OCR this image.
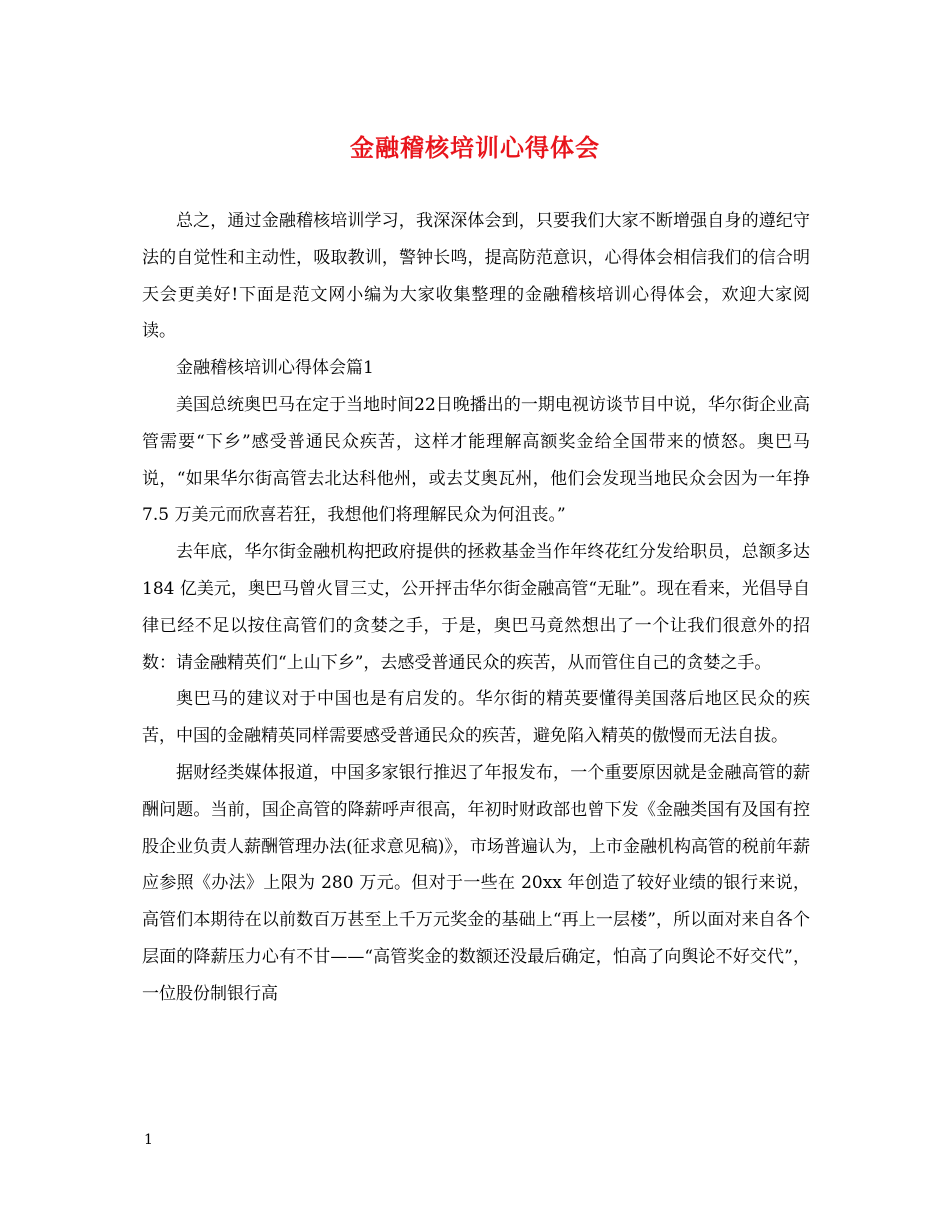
金融稽核培训心得体会

总之，通过金融稽核培训学习，我深深体会到，只要我们大家不断增强自身的遵纪守法的自觉性和主动性，吸取教训，警钟长鸣，提高防范意识，心得体会相信我们的信合明天会更美好!下面是范文网小编为大家收集整理的金融稽核培训心得体会，欢迎大家阅读。

金融稽核培训心得体会篇1

美国总统奥巴马在定于当地时间22日晚播出的一期电视访谈节目中说，华尔街企业高管需要“下乡”感受普通民众疾苦，这样才能理解高额奖金给全国带来的愤怒。奥巴马说，“如果华尔街高管去北达科他州，或去艾奥瓦州，他们会发现当地民众会因为一年挣 7.5 万美元而欣喜若狂，我想他们将理解民众为何沮丧。”

去年底，华尔街金融机构把政府提供的拯救基金当作年终花红分发给职员，总额多达 184 亿美元，奥巴马曾火冒三丈，公开抨击华尔街金融高管“无耻”。现在看来，光倡导自律已经不足以按住高管们的贪婪之手，于是，奥巴马竟然想出了一个让我们很意外的招数：请金融精英们“上山下乡”，去感受普通民众的疾苦，从而管住自己的贪婪之手。

奥巴马的建议对于中国也是有启发的。华尔街的精英要懂得美国落后地区民众的疾苦，中国的金融精英同样需要感受普通民众的疾苦，避免陷入精英的傲慢而无法自拔。

据财经类媒体报道，中国多家银行推迟了年报发布，一个重要原因就是金融高管的薪酬问题。当前，国企高管的降薪呼声很高，年初时财政部也曾下发《金融类国有及国有控股企业负责人薪酬管理办法(征求意见稿)》，市场普遍认为，上市金融机构高管的税前年薪应参照《办法》上限为 280 万元。但对于一些在 20xx 年创造了较好业绩的银行来说，高管们本期待在以前数百万甚至上千万元奖金的基础上“再上一层楼”，所以面对来自各个层面的降薪压力心有不甘——“高管奖金的数额还没最后确定，怕高了向舆论不好交代”，一位股份制银行高

1
